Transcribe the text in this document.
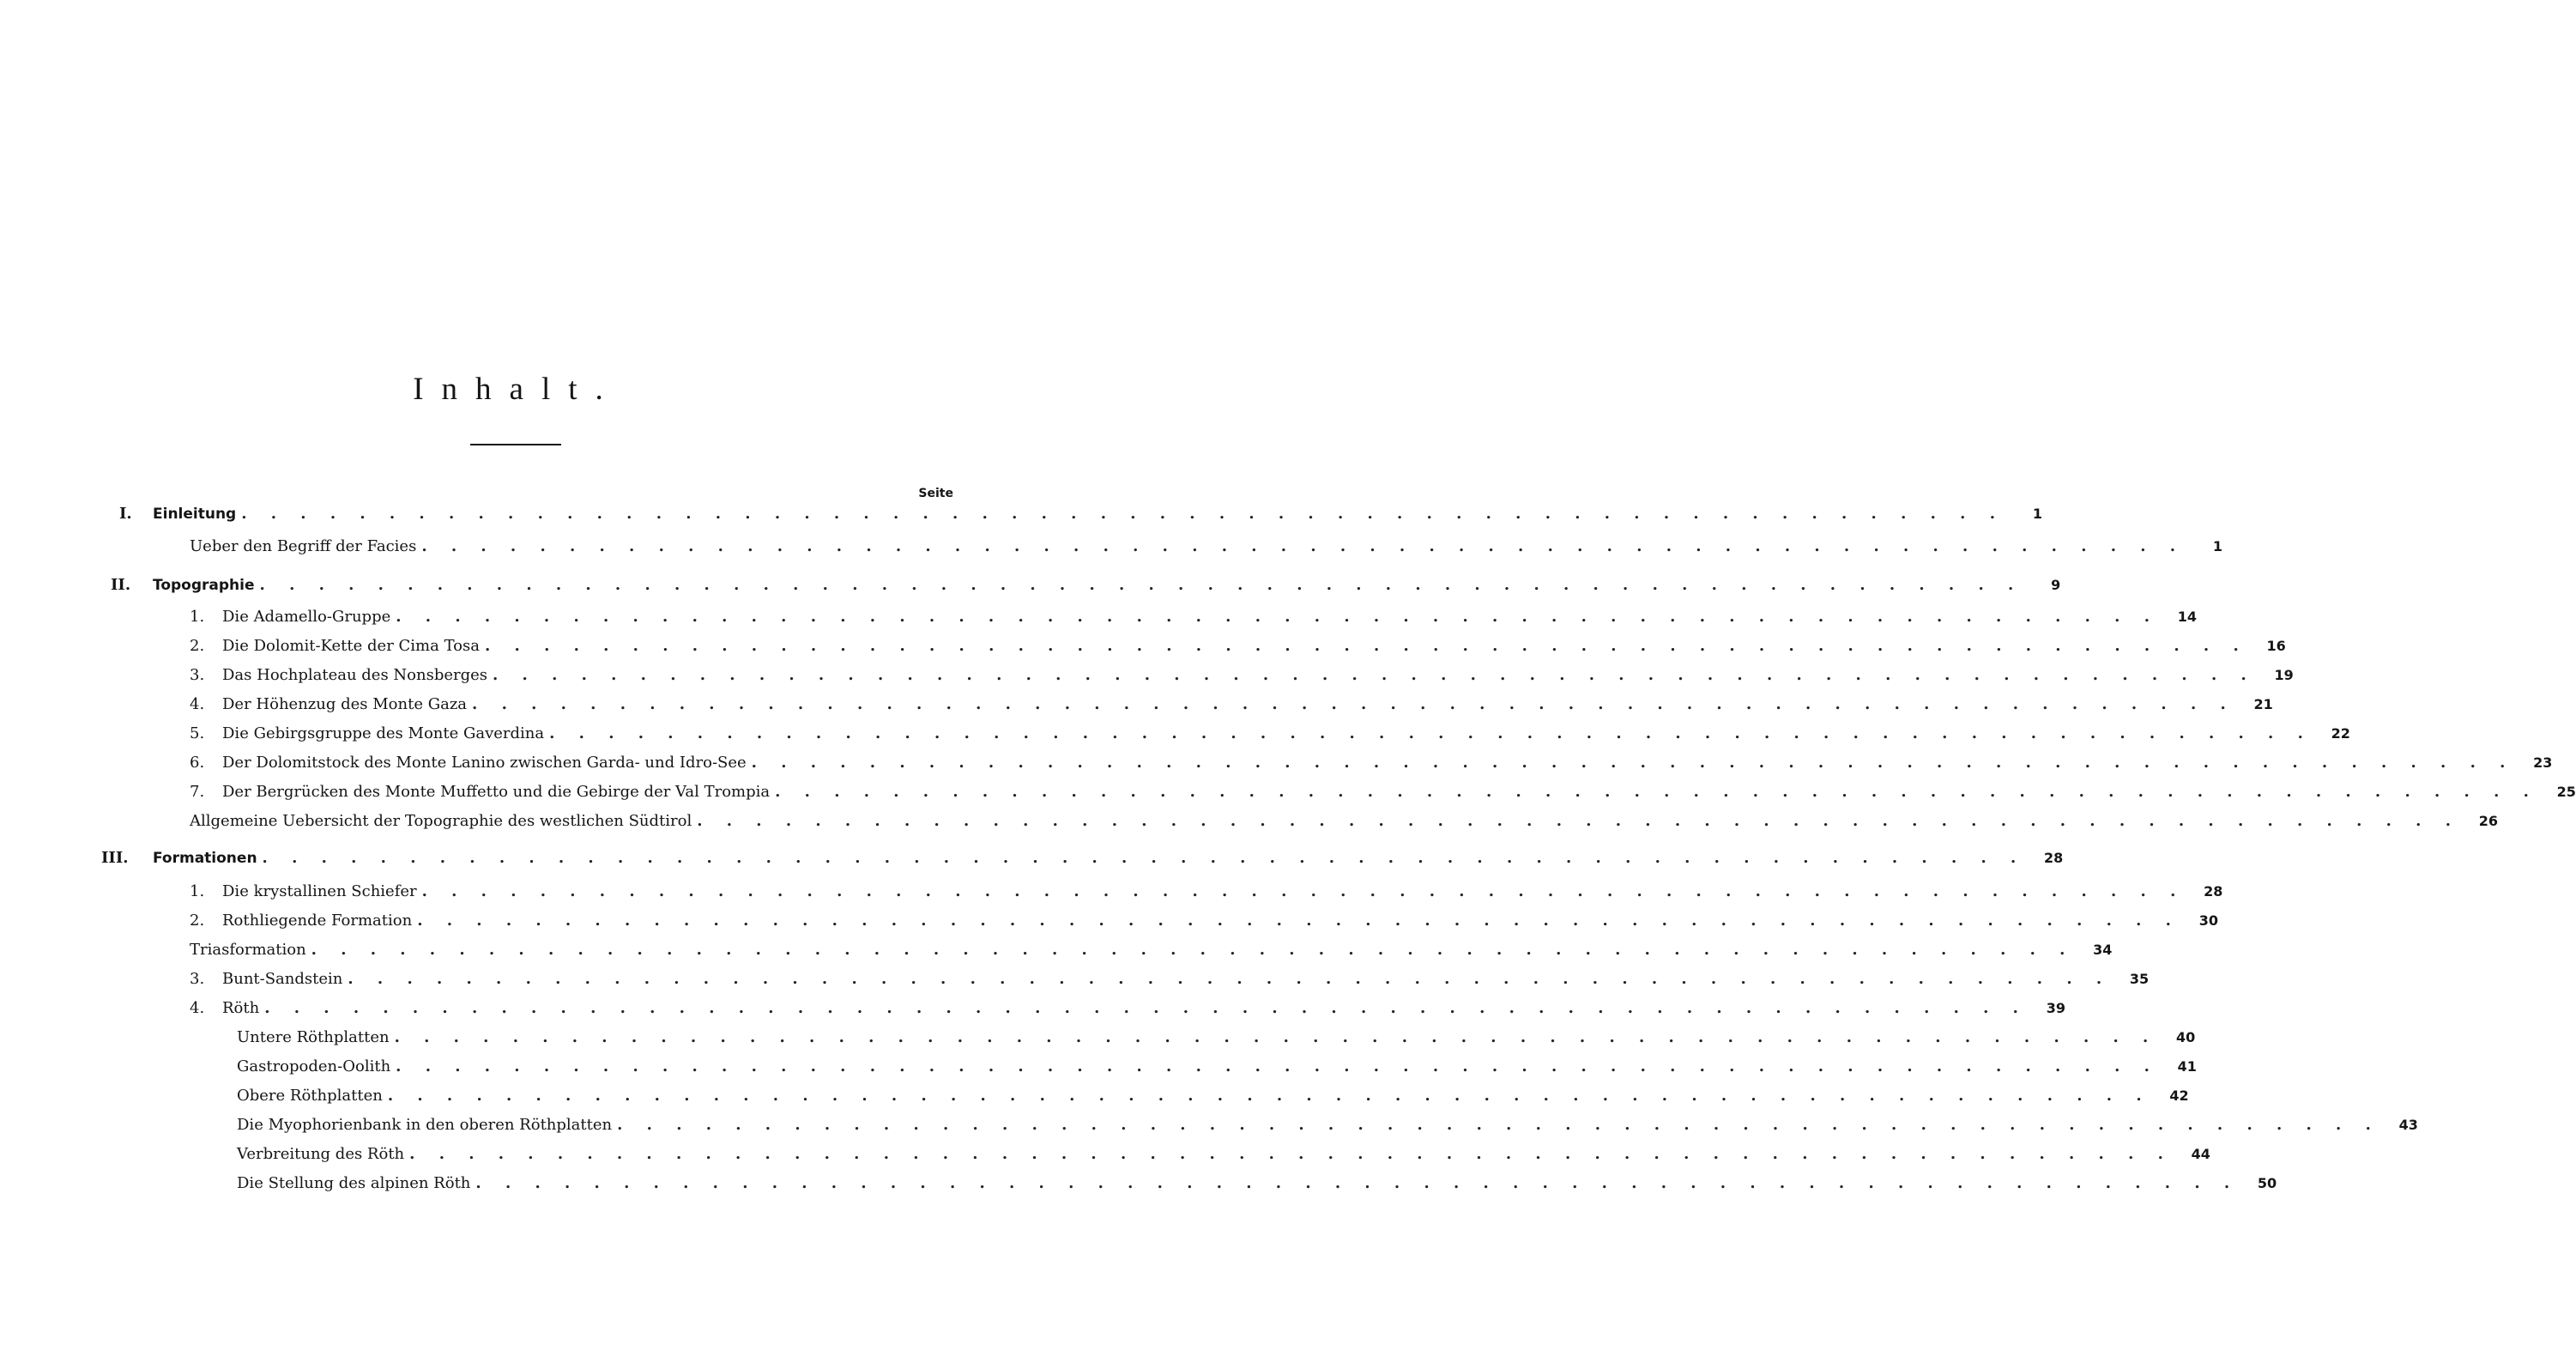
Inhalt.
Seite
I. Einleitung . . . . . . . . . . . . . . . . . . . . . . . . . . . . . . . . . . . . . . . . . . . . . . . . . . . . . . . . . . . .	1
Ueber den Begriff der Facies . . . . . . . . . . . . . . . . . . . . . . . . . . . . . . . . . . . . . . . . . . . . . . . . . . . . . . . . . . . .	1
II. Topographie . . . . . . . . . . . . . . . . . . . . . . . . . . . . . . . . . . . . . . . . . . . . . . . . . . . . . . . . . . . .	9
1.	Die Adamello-Gruppe . . . . . . . . . . . . . . . . . . . . . . . . . . . . . . . . . . . . . . . . . . . . . . . . . . . . . . . . . . . .	14
2.	Die Dolomit-Kette der Cima Tosa . . . . . . . . . . . . . . . . . . . . . . . . . . . . . . . . . . . . . . . . . . . . . . . . . . . . . . . . . . . .	16
3.	Das Hochplateau des Nonsberges . . . . . . . . . . . . . . . . . . . . . . . . . . . . . . . . . . . . . . . . . . . . . . . . . . . . . . . . . . . .	19
4.	Der Höhenzug des Monte Gaza . . . . . . . . . . . . . . . . . . . . . . . . . . . . . . . . . . . . . . . . . . . . . . . . . . . . . . . . . . . .	21
5.	Die Gebirgsgruppe des Monte Gaverdina . . . . . . . . . . . . . . . . . . . . . . . . . . . . . . . . . . . . . . . . . . . . . . . . . . . . . . . . . . . .	22
6.	Der Dolomitstock des Monte Lanino zwischen Garda- und Idro-See . . . . . . . . . . . . . . . . . . . . . . . . . . . . . . . . . . . . . . . . . . . . . . . . . . . . . . . . . . . .	23
7.	Der Bergrücken des Monte Muffetto und die Gebirge der Val Trompia . . . . . . . . . . . . . . . . . . . . . . . . . . . . . . . . . . . . . . . . . . . . . . . . . . . . . . . . . . . .	25
Allgemeine Uebersicht der Topographie des westlichen Südtirol . . . . . . . . . . . . . . . . . . . . . . . . . . . . . . . . . . . . . . . . . . . . . . . . . . . . . . . . . . . .	26
III. Formationen . . . . . . . . . . . . . . . . . . . . . . . . . . . . . . . . . . . . . . . . . . . . . . . . . . . . . . . . . . . .	28
1.	Die krystallinen Schiefer . . . . . . . . . . . . . . . . . . . . . . . . . . . . . . . . . . . . . . . . . . . . . . . . . . . . . . . . . . . .	28
2.	Rothliegende Formation . . . . . . . . . . . . . . . . . . . . . . . . . . . . . . . . . . . . . . . . . . . . . . . . . . . . . . . . . . . .	30
Triasformation . . . . . . . . . . . . . . . . . . . . . . . . . . . . . . . . . . . . . . . . . . . . . . . . . . . . . . . . . . . .	34
3.	Bunt-Sandstein . . . . . . . . . . . . . . . . . . . . . . . . . . . . . . . . . . . . . . . . . . . . . . . . . . . . . . . . . . . .	35
4.	Röth . . . . . . . . . . . . . . . . . . . . . . . . . . . . . . . . . . . . . . . . . . . . . . . . . . . . . . . . . . . .	39
Untere Röthplatten . . . . . . . . . . . . . . . . . . . . . . . . . . . . . . . . . . . . . . . . . . . . . . . . . . . . . . . . . . . .	40
Gastropoden-Oolith . . . . . . . . . . . . . . . . . . . . . . . . . . . . . . . . . . . . . . . . . . . . . . . . . . . . . . . . . . . .	41
Obere Röthplatten . . . . . . . . . . . . . . . . . . . . . . . . . . . . . . . . . . . . . . . . . . . . . . . . . . . . . . . . . . . .	42
Die Myophorienbank in den oberen Röthplatten . . . . . . . . . . . . . . . . . . . . . . . . . . . . . . . . . . . . . . . . . . . . . . . . . . . . . . . . . . . .	43
Verbreitung des Röth . . . . . . . . . . . . . . . . . . . . . . . . . . . . . . . . . . . . . . . . . . . . . . . . . . . . . . . . . . . .	44
Die Stellung des alpinen Röth . . . . . . . . . . . . . . . . . . . . . . . . . . . . . . . . . . . . . . . . . . . . . . . . . . . . . . . . . . . .	50
